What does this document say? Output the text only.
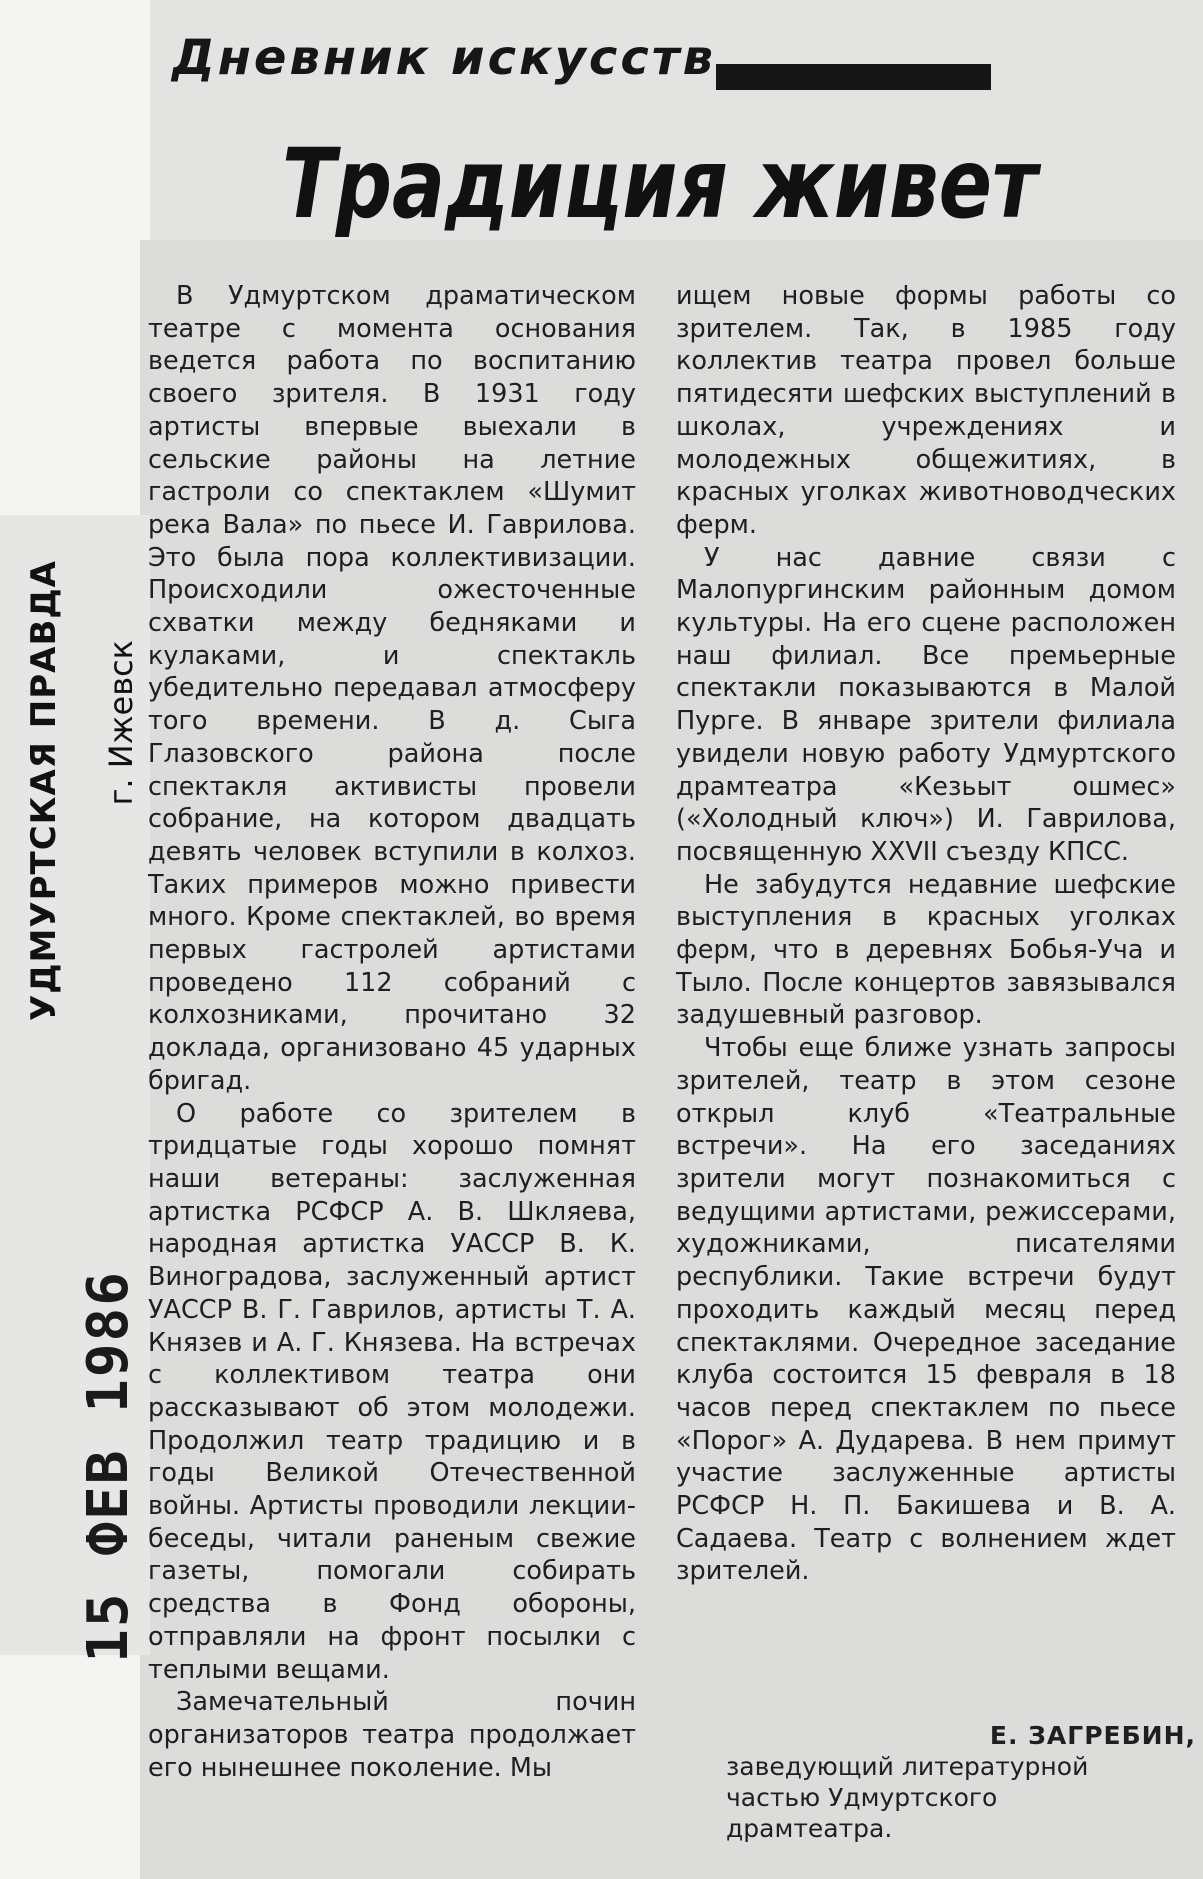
Дневник искусств
Традиция живет

В Удмуртском драматическом театре с момента основания ведется работа по воспитанию своего зрителя. В 1931 году артисты впервые выехали в сельские районы на летние гастроли со спектаклем «Шумит река Вала» по пьесе И. Гаврилова. Это была пора коллективизации. Происходили ожесточенные схватки между бедняками и кулаками, и спектакль убедительно передавал атмосферу того времени. В д. Сыга Глазовского района после спектакля активисты провели собрание, на котором двадцать девять человек вступили в колхоз. Таких примеров можно привести много. Кроме спектаклей, во время первых гастролей артистами проведено 112 собраний с колхозниками, прочитано 32 доклада, организовано 45 ударных бригад.

О работе со зрителем в тридцатые годы хорошо помнят наши ветераны: заслуженная артистка РСФСР А. В. Шкляева, народная артистка УАССР В. К. Виноградова, заслуженный артист УАССР В. Г. Гаврилов, артисты Т. А. Князев и А. Г. Князева. На встречах с коллективом театра они рассказывают об этом молодежи. Продолжил театр традицию и в годы Великой Отечественной войны. Артисты проводили лекции-беседы, читали раненым свежие газеты, помогали собирать средства в Фонд обороны, отправляли на фронт посылки с теплыми вещами.

Замечательный почин организаторов театра продолжает его нынешнее поколение. Мы

ищем новые формы работы со зрителем. Так, в 1985 году коллектив театра провел больше пятидесяти шефских выступлений в школах, учреждениях и молодежных общежитиях, в красных уголках животноводческих ферм.

У нас давние связи с Малопургинским районным домом культуры. На его сцене расположен наш филиал. Все премьерные спектакли показываются в Малой Пурге. В январе зрители филиала увидели новую работу Удмуртского драмтеатра «Кезьыт ошмес» («Холодный ключ») И. Гаврилова, посвященную XXVII съезду КПСС.

Не забудутся недавние шефские выступления в красных уголках ферм, что в деревнях Бобья-Уча и Тыло. После концертов завязывался задушевный разговор.

Чтобы еще ближе узнать запросы зрителей, театр в этом сезоне открыл клуб «Театральные встречи». На его заседаниях зрители могут познакомиться с ведущими артистами, режиссерами, художниками, писателями республики. Такие встречи будут проходить каждый месяц перед спектаклями. Очередное заседание клуба состоится 15 февраля в 18 часов перед спектаклем по пьесе «Порог» А. Дударева. В нем примут участие заслуженные артисты РСФСР Н. П. Бакишева и В. А. Садаева. Театр с волнением ждет зрителей.

Е. ЗАГРЕБИН,
заведующий литературной
частью Удмуртского
драмтеатра.
УДМУРТСКАЯ ПРАВДА г. Ижевск
15 ФЕВ 1986
